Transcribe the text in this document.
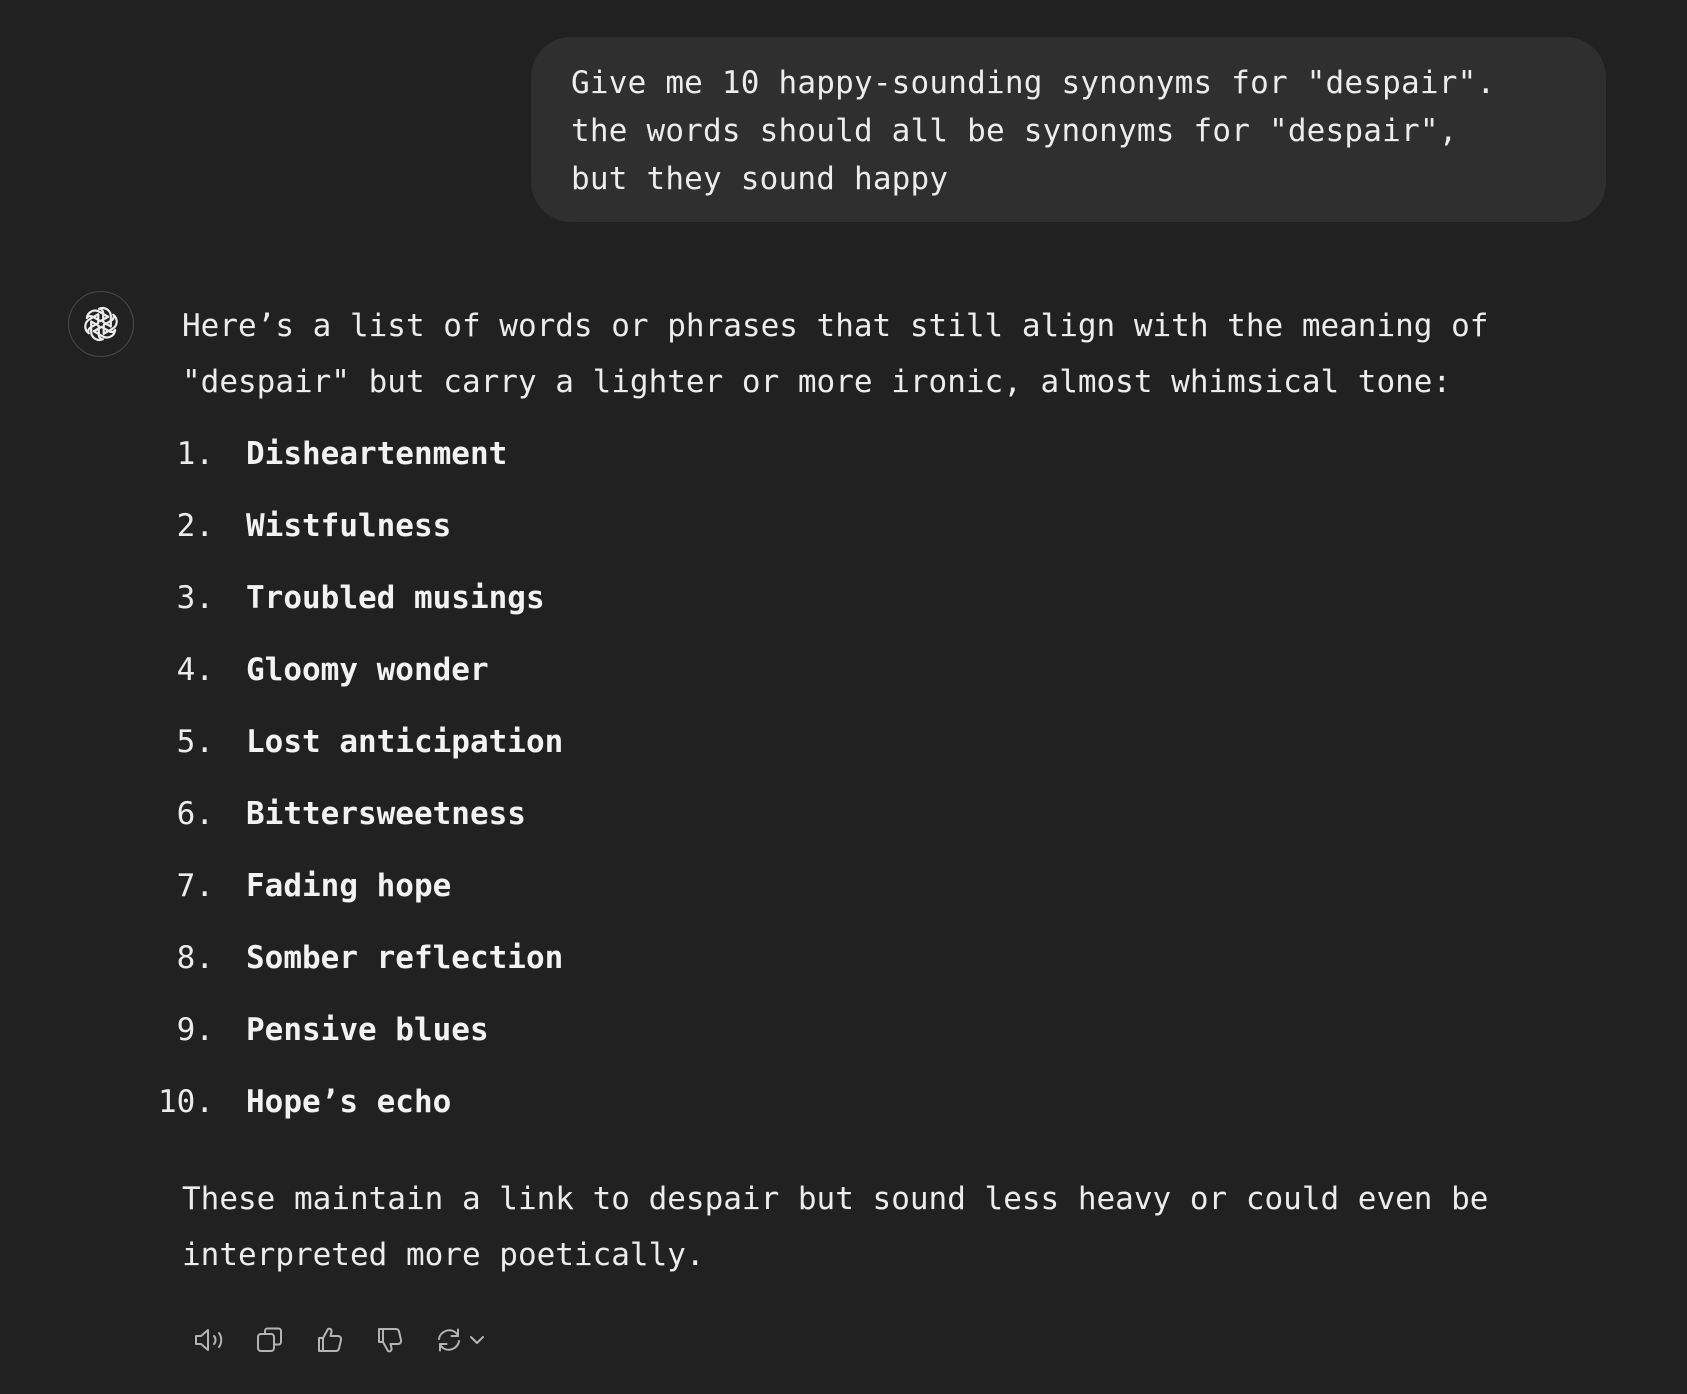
Give me 10 happy-sounding synonyms for "despair".
the words should all be synonyms for "despair",
but they sound happy
Here’s a list of words or phrases that still align with the meaning of
"despair" but carry a lighter or more ironic, almost whimsical tone:
1. Disheartenment
2. Wistfulness
3. Troubled musings
4. Gloomy wonder
5. Lost anticipation
6. Bittersweetness
7. Fading hope
8. Somber reflection
9. Pensive blues
10. Hope’s echo
These maintain a link to despair but sound less heavy or could even be
interpreted more poetically.
